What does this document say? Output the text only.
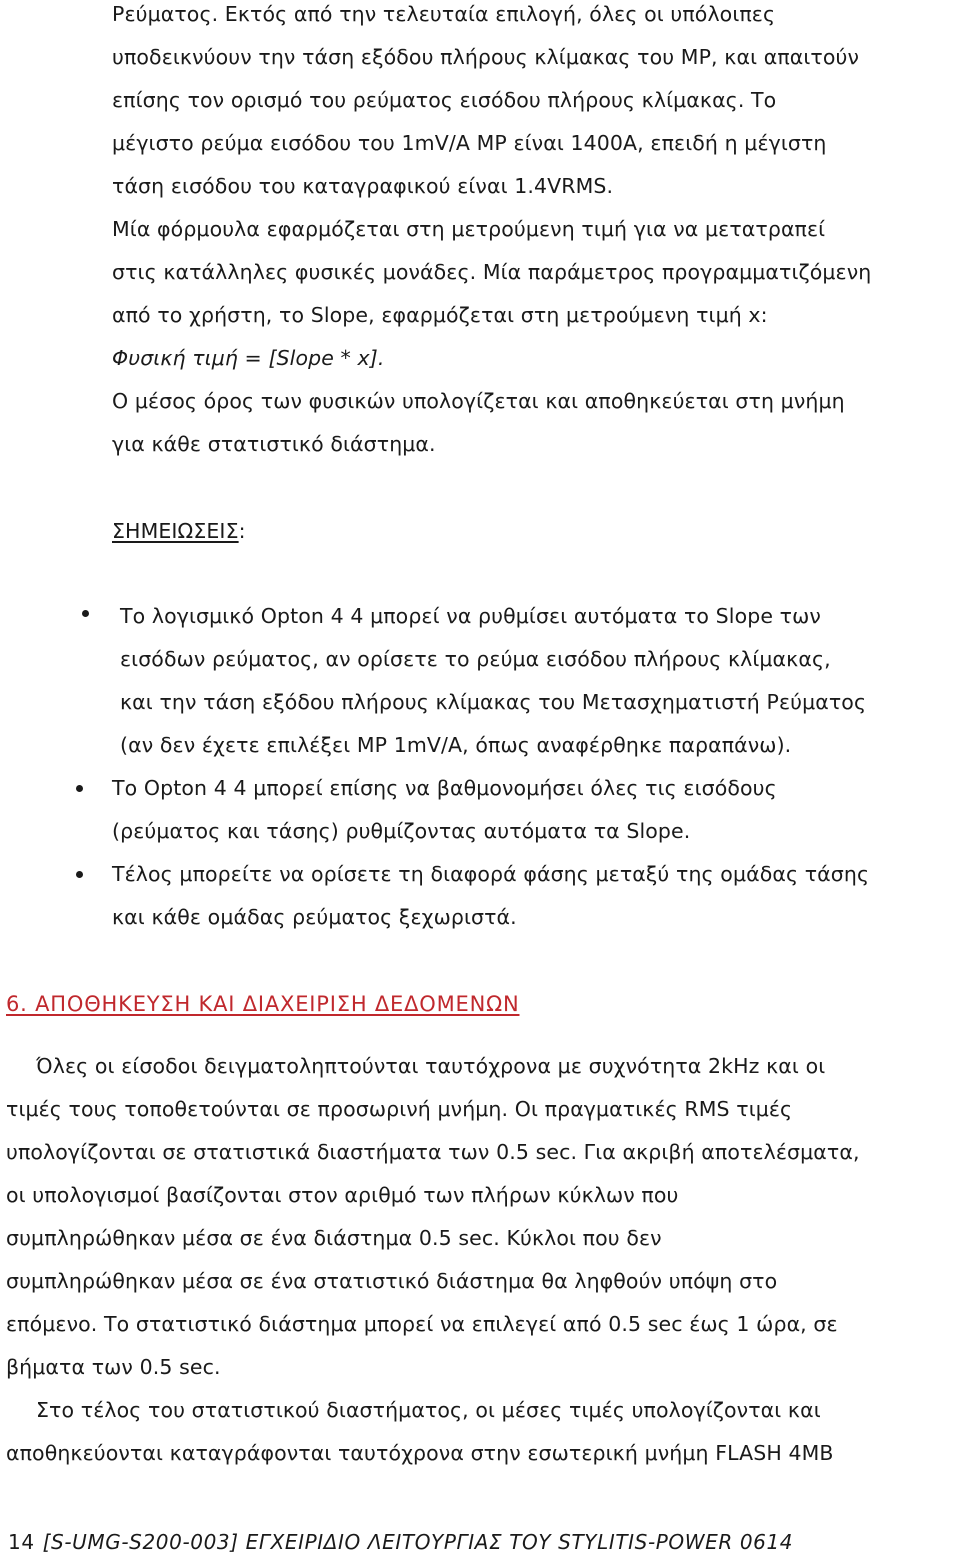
Ρεύματος. Εκτός από την τελευταία επιλογή, όλες οι υπόλοιπες
υποδεικνύουν την τάση εξόδου πλήρους κλίμακας του ΜΡ, και απαιτούν
επίσης τον ορισμό του ρεύματος εισόδου πλήρους κλίμακας. Το
μέγιστο ρεύμα εισόδου του 1mV/A MP είναι 1400A, επειδή η μέγιστη
τάση εισόδου του καταγραφικού είναι 1.4VRMS.
Μία φόρμουλα εφαρμόζεται στη μετρούμενη τιμή για να μετατραπεί
στις κατάλληλες φυσικές μονάδες. Μία παράμετρος προγραμματιζόμενη
από το χρήστη, το Slope, εφαρμόζεται στη μετρούμενη τιμή x:
Φυσική τιμή = [Slope * x].
Ο μέσος όρος των φυσικών υπολογίζεται και αποθηκεύεται στη μνήμη
για κάθε στατιστικό διάστημα.
ΣΗΜΕΙΩΣΕΙΣ:
Το λογισμικό Opton 4 4 μπορεί να ρυθμίσει αυτόματα το Slope των
εισόδων ρεύματος, αν ορίσετε το ρεύμα εισόδου πλήρους κλίμακας,
και την τάση εξόδου πλήρους κλίμακας του Μετασχηματιστή Ρεύματος
(αν δεν έχετε επιλέξει MP 1mV/A, όπως αναφέρθηκε παραπάνω).
Το Opton 4 4 μπορεί επίσης να βαθμονομήσει όλες τις εισόδους
(ρεύματος και τάσης) ρυθμίζοντας αυτόματα τα Slope.
Τέλος μπορείτε να ορίσετε τη διαφορά φάσης μεταξύ της ομάδας τάσης
και κάθε ομάδας ρεύματος ξεχωριστά.
6. ΑΠΟΘΗΚΕΥΣΗ ΚΑΙ ΔΙΑΧΕΙΡΙΣΗ ΔΕΔΟΜΕΝΩΝ
Όλες οι είσοδοι δειγματοληπτούνται ταυτόχρονα με συχνότητα 2kHz και οι
τιμές τους τοποθετούνται σε προσωρινή μνήμη. Οι πραγματικές RMS τιμές
υπολογίζονται σε στατιστικά διαστήματα των 0.5 sec. Για ακριβή αποτελέσματα,
οι υπολογισμοί βασίζονται στον αριθμό των πλήρων κύκλων που
συμπληρώθηκαν μέσα σε ένα διάστημα 0.5 sec. Κύκλοι που δεν
συμπληρώθηκαν μέσα σε ένα στατιστικό διάστημα θα ληφθούν υπόψη στο
επόμενο. Το στατιστικό διάστημα μπορεί να επιλεγεί από 0.5 sec έως 1 ώρα, σε
βήματα των 0.5 sec.
Στο τέλος του στατιστικού διαστήματος, οι μέσες τιμές υπολογίζονται και
αποθηκεύονται καταγράφονται ταυτόχρονα στην εσωτερική μνήμη FLASH 4MB
14 [S-UMG-S200-003] ΕΓΧΕΙΡΙΔΙΟ ΛΕΙΤΟΥΡΓΙΑΣ ΤΟΥ STYLITIS-POWER 0614
